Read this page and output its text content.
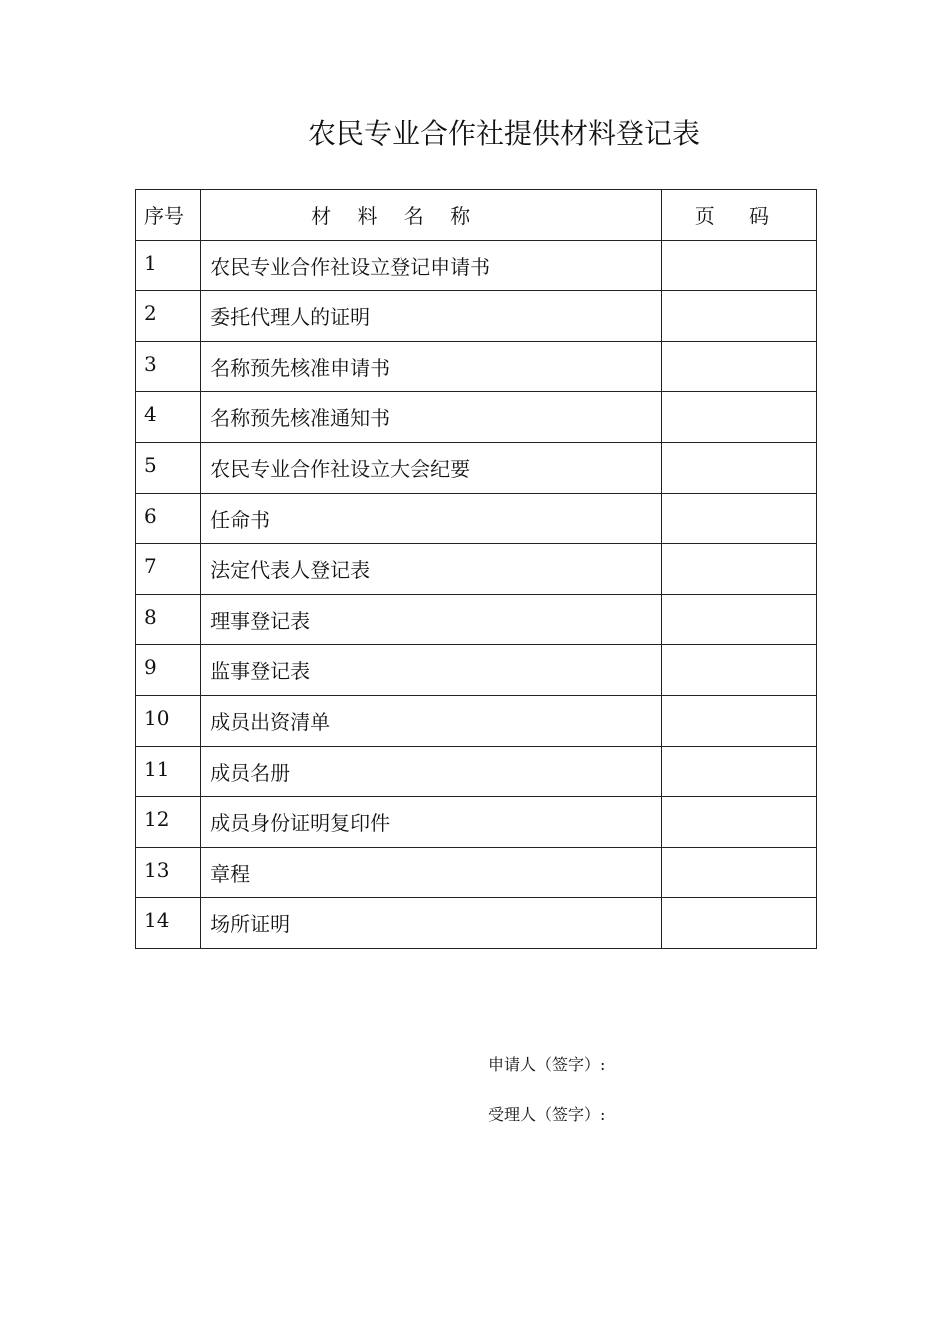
农民专业合作社提供材料登记表
序号	材 料 名 称	页 码

1	农民专业合作社设立登记申请书	

2	委托代理人的证明	

3	名称预先核准申请书	

4	名称预先核准通知书	

5	农民专业合作社设立大会纪要	

6	任命书	

7	法定代表人登记表	

8	理事登记表	

9	监事登记表	

10	成员出资清单	

11	成员名册	

12	成员身份证明复印件	

13	章程	

14	场所证明	

申请人（签字）:
受理人（签字）:
